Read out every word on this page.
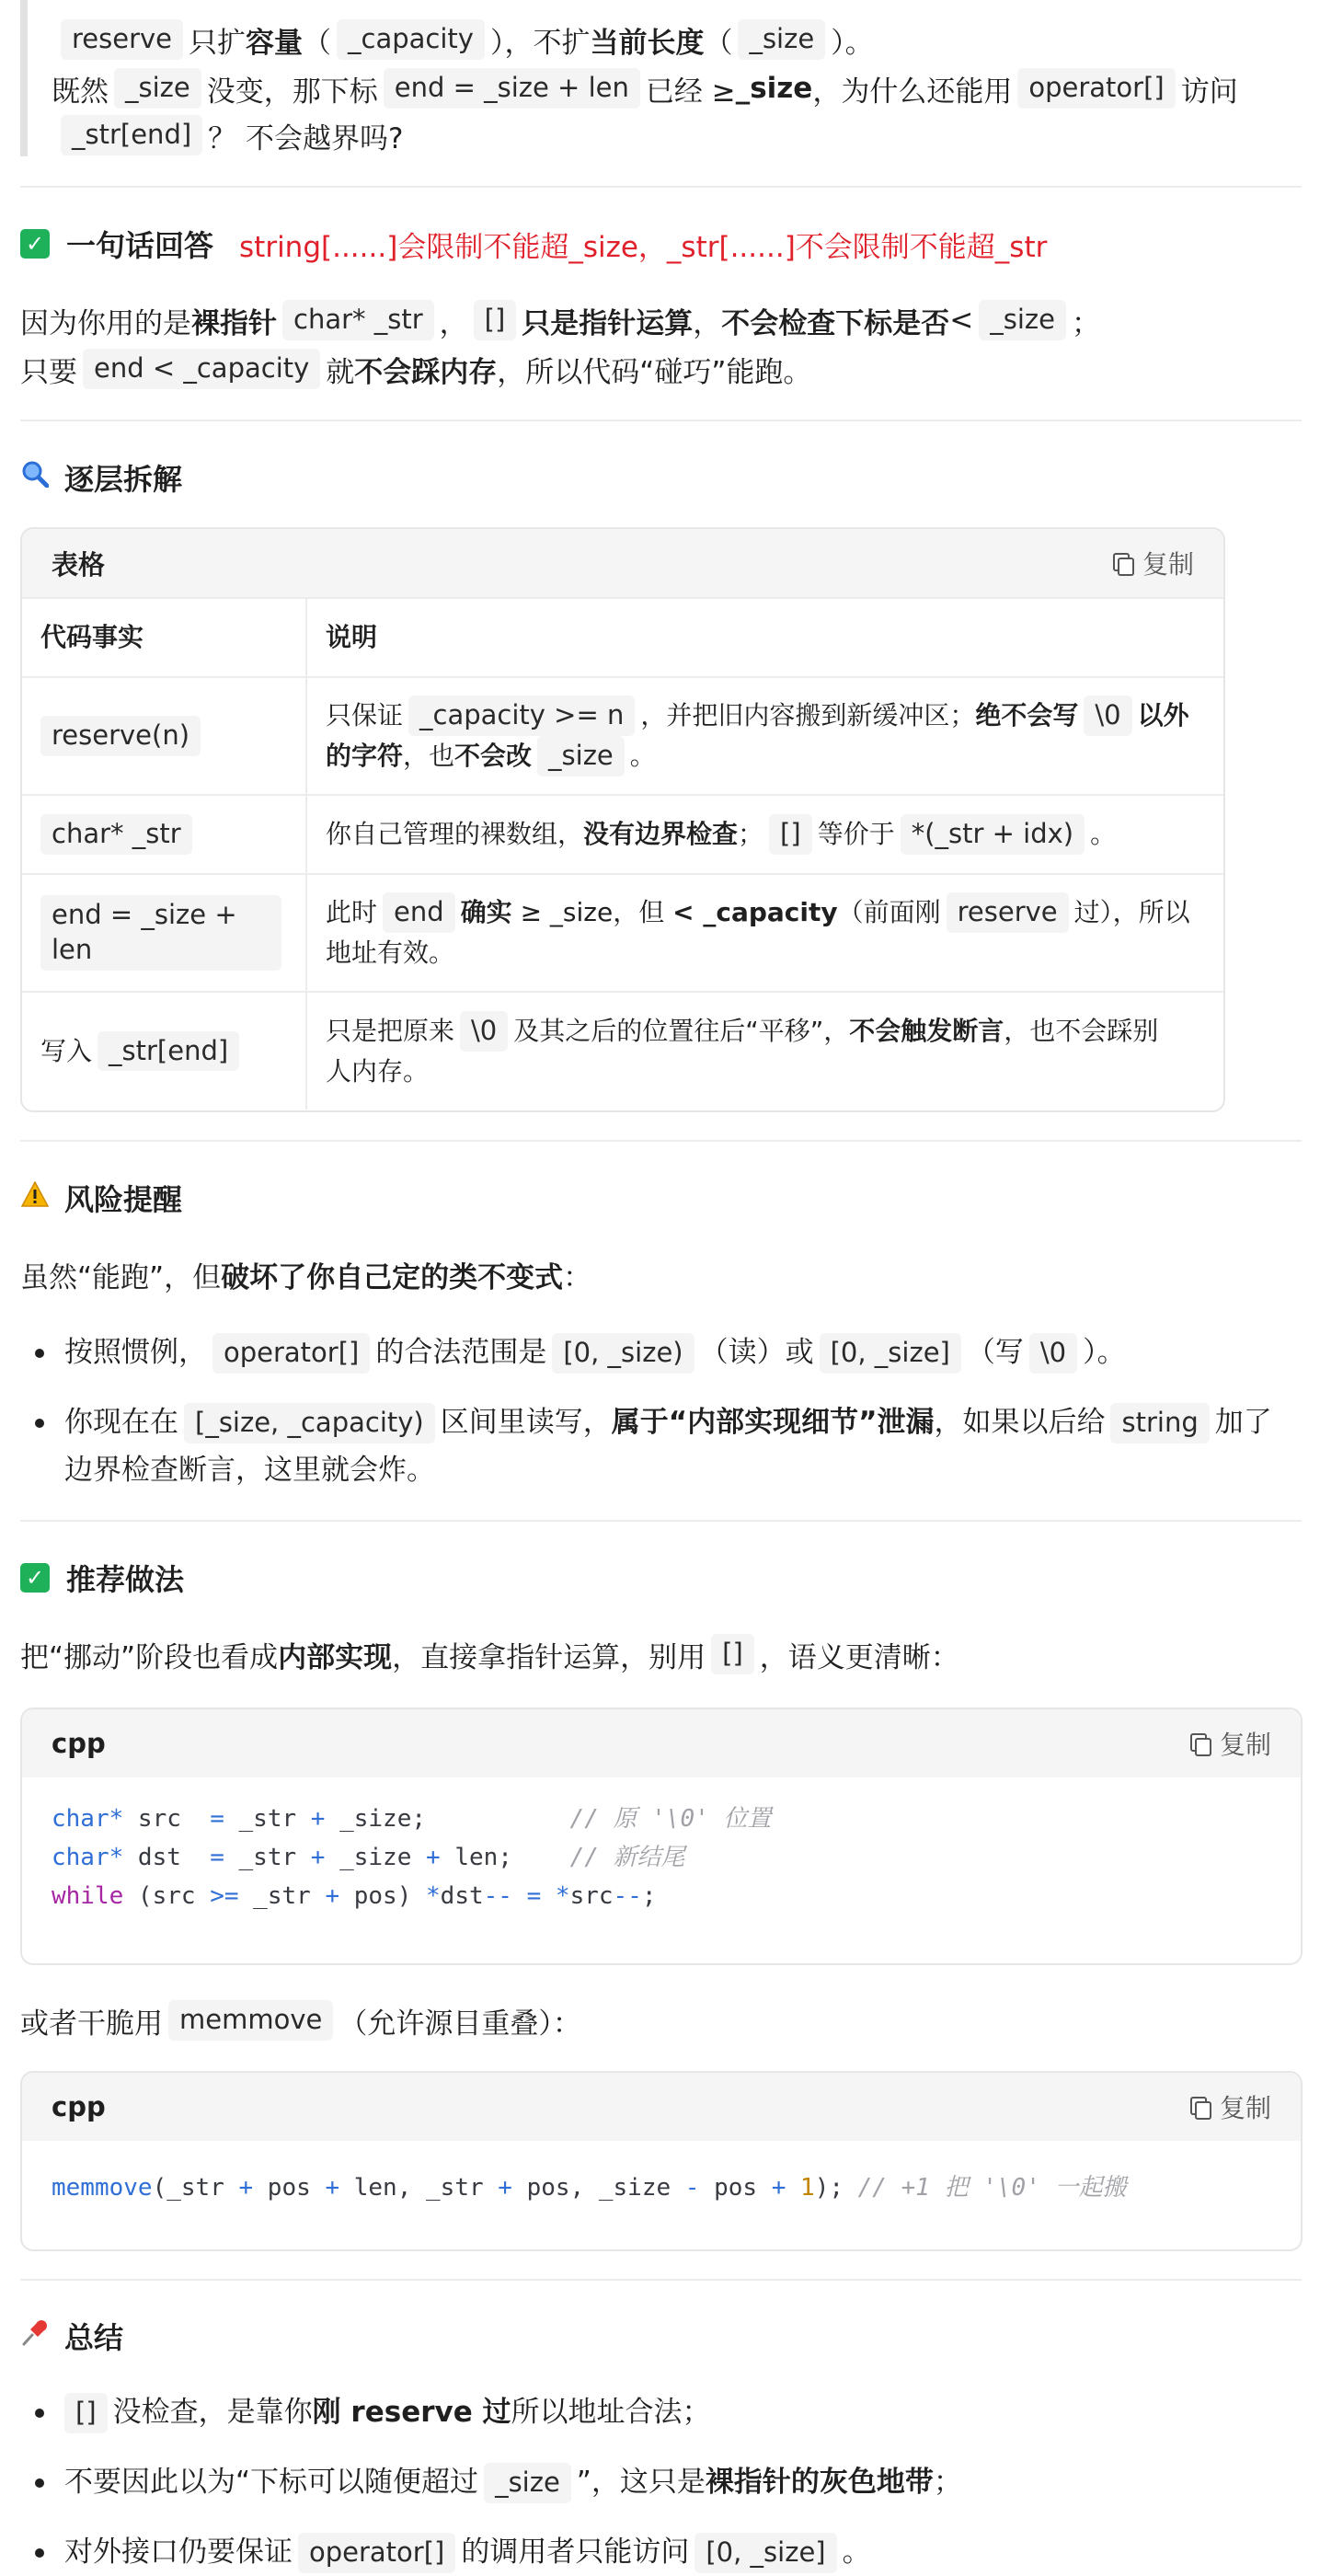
reserve 只扩 容量 （ _capacity ），不扩 当前长度 （ _size ）。
既然 _size 没变，那下标 end = _size + len 已经 ≥ _size ，为什么还能用 operator[] 访问
_str[end] ？ 不会越界吗?
✓ 一句话回答 string[......]会限制不能超_size，_str[......]不会限制不能超_str
因为你用的是 裸指针 char* _str ， [] 只是指针运算 ， 不会检查下标是否 < _size ；
只要 end < _capacity 就 不会踩内存 ，所以代码“碰巧”能跑。
逐层拆解
表格	复制
代码事实	说明
reserve(n)	只保证 _capacity >= n ，并把旧内容搬到新缓冲区；绝不会写 \0 以外的字符，也不会改 _size 。
char* _str	你自己管理的裸数组，没有边界检查； [] 等价于 *(_str + idx) 。
end = _size + len	此时 end 确实 ≥ _size，但 < _capacity（前面刚 reserve 过），所以
地址有效。
写入 _str[end]	只是把原来 \0 及其之后的位置往后“平移”，不会触发断言，也不会踩别
人内存。
风险提醒
虽然“能跑”，但 破坏了你自己定的类不变式 ：
按照惯例， operator[] 的合法范围是 [0, _size) （读）或 [0, _size] （写 \0 ）。
你现在在 [_size, _capacity) 区间里读写，属于“内部实现细节”泄漏，如果以后给 string 加了
边界检查断言，这里就会炸。
✓ 推荐做法
把“挪动”阶段也看成 内部实现 ，直接拿指针运算，别用 [] ，语义更清晰：
cpp	复制
char* src  = _str + _size;          // 原 '\0' 位置
char* dst  = _str + _size + len;    // 新结尾
while (src >= _str + pos) *dst-- = *src--;
或者干脆用 memmove （允许源目重叠）：
cpp	复制
memmove(_str + pos + len, _str + pos, _size - pos + 1); // +1 把 '\0' 一起搬
总结
[] 没检查，是靠你刚 reserve 过所以地址合法；
不要因此以为“下标可以随便超过 _size ”，这只是裸指针的灰色地带；
对外接口仍要保证 operator[] 的调用者只能访问 [0, _size] 。
